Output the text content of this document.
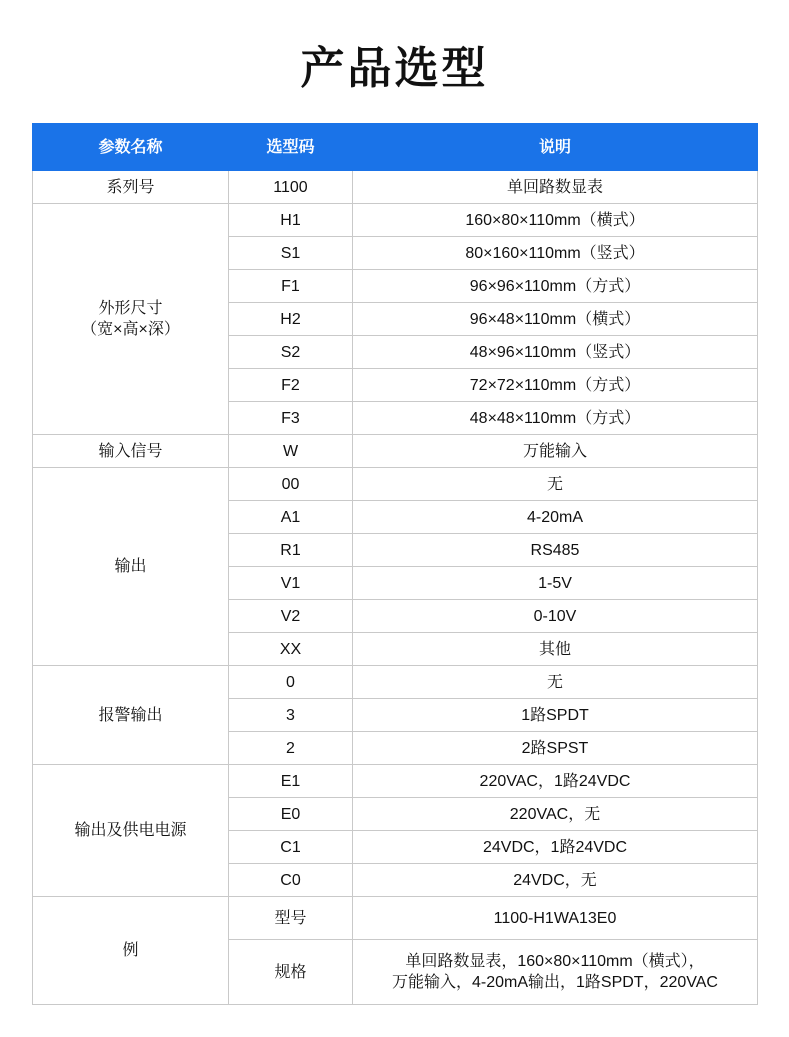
产品选型
参数名称	选型码	说明
系列号	1100	单回路数显表

外形尺寸
（宽×高×深）	H1	160×80×110mm（横式）
	S1	80×160×110mm（竖式）
	F1	96×96×110mm（方式）
	H2	96×48×110mm（横式）
	S2	48×96×110mm（竖式）
	F2	72×72×110mm（方式）
	F3	48×48×110mm（方式）
输入信号	W	万能输入
输出	00	无
	A1	4-20mA
	R1	RS485
	V1	1-5V
	V2	0-10V
	XX	其他
报警输出	0	无
	3	1路SPDT
	2	2路SPST
输出及供电电源	E1	220VAC，1路24VDC
	E0	220VAC，无
	C1	24VDC，1路24VDC
	C0	24VDC，无
例	型号	1100-H1WA13E0
	规格	单回路数显表，160×80×110mm（横式），
万能输入，4-20mA输出，1路SPDT，220VAC
